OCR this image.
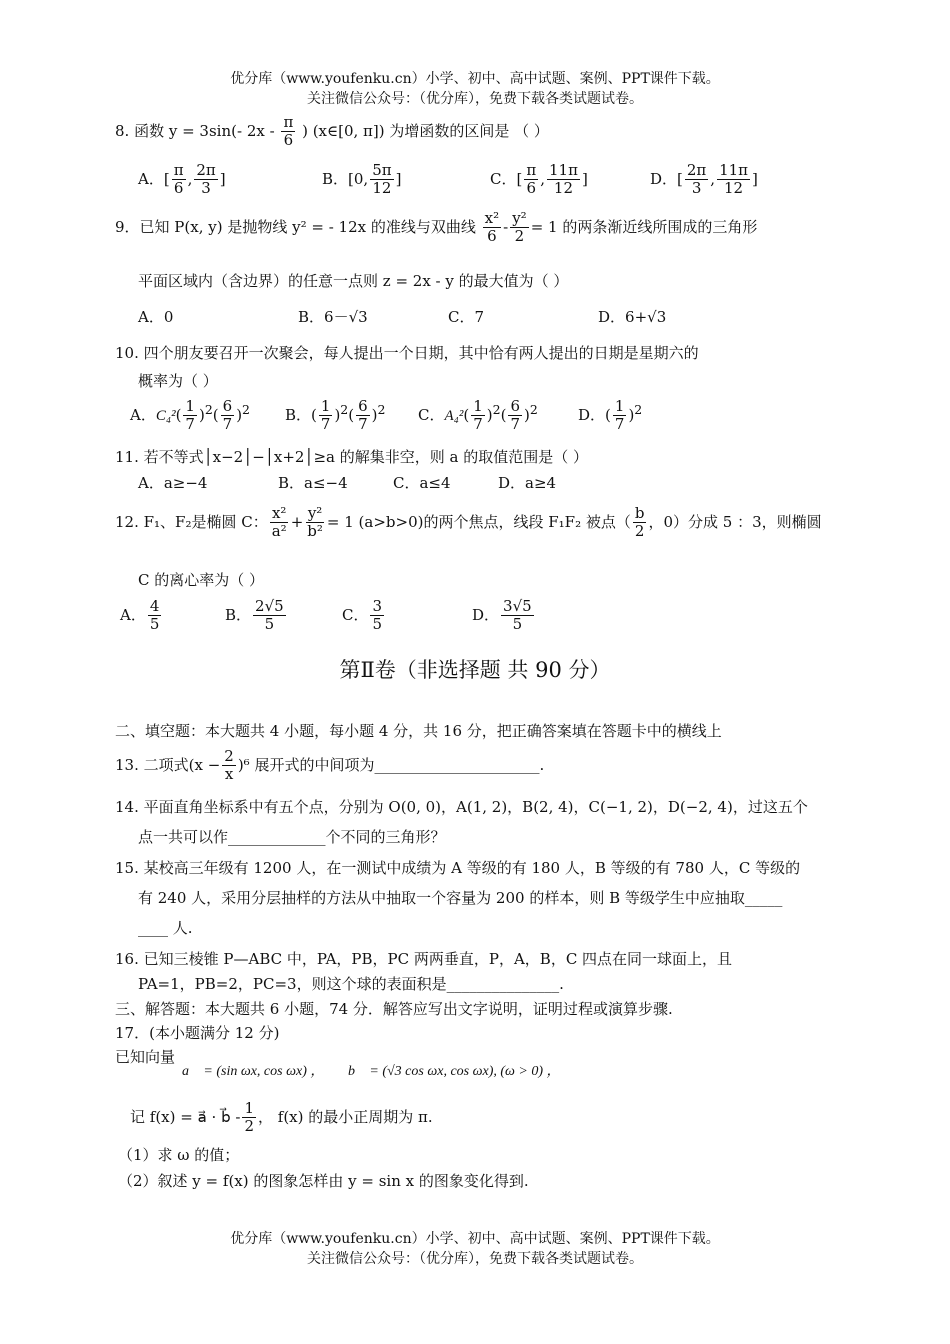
优分库（www.youfenku.cn）小学、初中、高中试题、案例、PPT课件下载。
关注微信公众号：（优分库），免费下载各类试题试卷。
8. 函数 y = 3sin(- $2x - \frac{\pi}{6}$ ) (x∈[0, π]) 为增函数的区间是 （ ）
A．[ $\frac{\pi}{6}$ , $\frac{2\pi}{3}$ ]	B．[0, $\frac{5\pi}{12}$ ]	C．[ $\frac{\pi}{6}$ , $\frac{11\pi}{12}$ ]	D．[ $\frac{2\pi}{3}$ , $\frac{11\pi}{12}$ ]
9．已知 P(x, y) 是抛物线 y² = - 12x 的准线与双曲线 $\frac{\text{x²}}{6} - \frac{\text{y²}}{2} = 1$ 的两条渐近线所围成的三角形
平面区域内（含边界）的任意一点则 z = 2x - y 的最大值为（ ）
A．0	B．6－√3	C．7	D．6+√3
10. 四个朋友要召开一次聚会，每人提出一个日期，其中恰有两人提出的日期是星期六的
概率为（ ）
A．$C_4^2( \frac{1}{7} )^2( \frac{6}{7} )^2$ B．( $\frac{1}{7} )^2( \frac{6}{7} )^2$ C．$A_4^2( \frac{1}{7} )^2( \frac{6}{7} )^2$	D．( $\frac{1}{7} )^2$
11. 若不等式│x−2│−│x+2│≥a 的解集非空，则 a 的取值范围是（ ）
A．a≥−4	B．a≤−4	C．a≤4	D．a≥4
12. F₁、F₂是椭圆 C： $\frac{\text{x²}}{\text{a²}} + \frac{\text{y²}}{\text{b²}} = 1$ (a>b>0)的两个焦点，线段 F₁F₂ 被点（ $\frac{b}{2}$ ，0）分成 5 ：3，则椭圆
C 的离心率为（ ）
A． $\frac{4}{5}$	B． $\frac{2√5}{5}$	C． $\frac{3}{5}$	D． $\frac{3√5}{5}$
第Ⅱ卷（非选择题 共 90 分）
二、填空题：本大题共 4 小题，每小题 4 分，共 16 分，把正确答案填在答题卡中的横线上
13. 二项式$(x - \frac{2}{x} )^6$ 展开式的中间项为______________________.
14. 平面直角坐标系中有五个点，分别为 O(0, 0)，A(1, 2)，B(2, 4)，C(−1, 2)，D(−2, 4)，过这五个
点一共可以作_____________个不同的三角形？
15. 某校高三年级有 1200 人，在一测试中成绩为 A 等级的有 180 人，B 等级的有 780 人，C 等级的
有 240 人，采用分层抽样的方法从中抽取一个容量为 200 的样本，则 B 等级学生中应抽取_____
____ 人.
16. 已知三棱锥 P—ABC 中，PA，PB，PC 两两垂直，P，A，B，C 四点在同一球面上，且
PA=1，PB=2，PC=3，则这个球的表面积是_______________.
三、解答题：本大题共 6 小题，74 分．解答应写出文字说明，证明过程或演算步骤.
17．(本小题满分 12 分)
已知向量
a⃗ = (sin ωx, cos ωx) ， b⃗ = (√3 cos ωx, cos ωx), (ω > 0) ，
记 f(x) = a⃗ · b⃗ - $\frac{1}{2}$ ， f(x) 的最小正周期为 π.
（1）求 ω 的值；
（2）叙述 y = f(x) 的图象怎样由 y = sin x 的图象变化得到.
优分库（www.youfenku.cn）小学、初中、高中试题、案例、PPT课件下载。
关注微信公众号：（优分库），免费下载各类试题试卷。
